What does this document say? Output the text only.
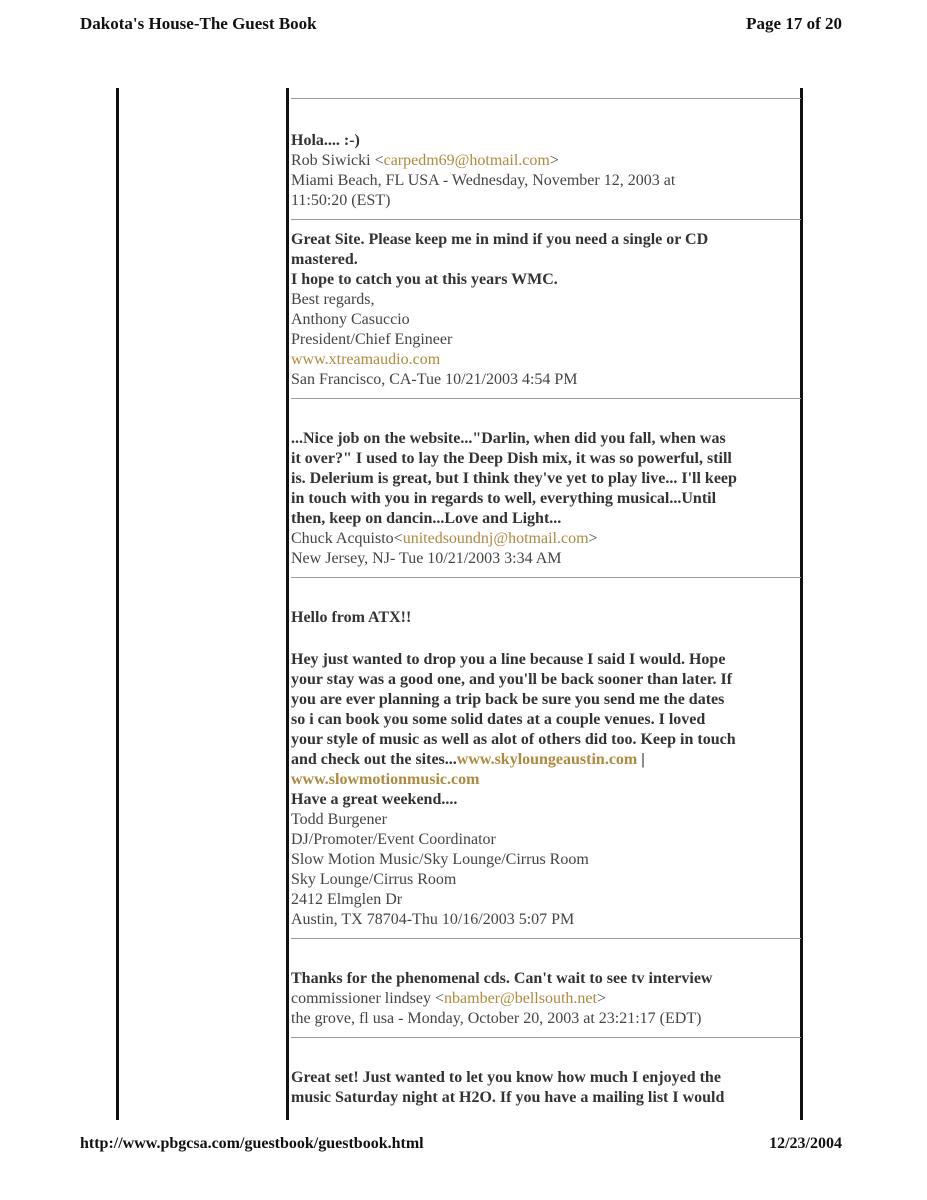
Dakota's House-The Guest Book	Page 17 of 20

Hola.... :-)

Rob Siwicki <carpedm69@hotmail.com>

Miami Beach, FL USA - Wednesday, November 12, 2003 at

11:50:20 (EST)

Great Site. Please keep me in mind if you need a single or CD

mastered.

I hope to catch you at this years WMC.

Best regards,

Anthony Casuccio

President/Chief Engineer

www.xtreamaudio.com

San Francisco, CA-Tue 10/21/2003 4:54 PM

...Nice job on the website..."Darlin, when did you fall, when was

it over?" I used to lay the Deep Dish mix, it was so powerful, still

is. Delerium is great, but I think they've yet to play live... I'll keep

in touch with you in regards to well, everything musical...Until

then, keep on dancin...Love and Light...

Chuck Acquisto<unitedsoundnj@hotmail.com>

New Jersey, NJ- Tue 10/21/2003 3:34 AM

Hello from ATX!!

Hey just wanted to drop you a line because I said I would. Hope

your stay was a good one, and you'll be back sooner than later. If

you are ever planning a trip back be sure you send me the dates

so i can book you some solid dates at a couple venues. I loved

your style of music as well as alot of others did too. Keep in touch

and check out the sites...www.skyloungeaustin.com |

www.slowmotionmusic.com

Have a great weekend....

Todd Burgener

DJ/Promoter/Event Coordinator

Slow Motion Music/Sky Lounge/Cirrus Room

Sky Lounge/Cirrus Room

2412 Elmglen Dr

Austin, TX 78704-Thu 10/16/2003 5:07 PM

Thanks for the phenomenal cds. Can't wait to see tv interview

commissioner lindsey <nbamber@bellsouth.net>

the grove, fl usa - Monday, October 20, 2003 at 23:21:17 (EDT)

Great set! Just wanted to let you know how much I enjoyed the

music Saturday night at H2O. If you have a mailing list I would

http://www.pbgcsa.com/guestbook/guestbook.html	12/23/2004
